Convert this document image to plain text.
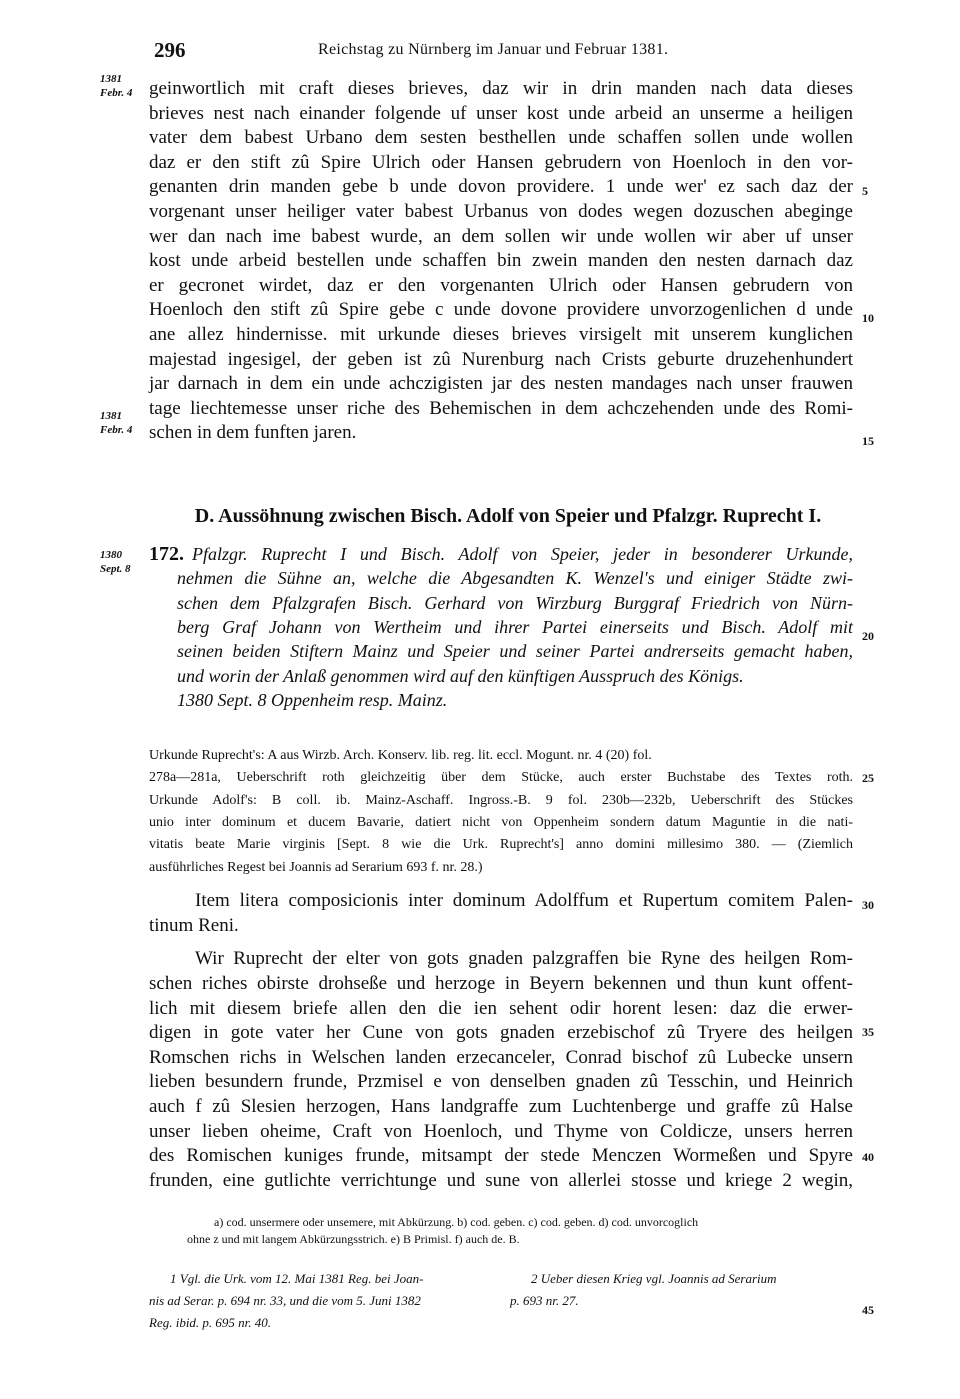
296	Reichstag zu Nürnberg im Januar und Februar 1381.
1381
Febr. 4
1381
Febr. 4
1380
Sept. 8
5
10
15
20
25
30
35
40
45
geinwortlich mit craft dieses brieves, daz wir in drin manden nach data dieses
brieves nest nach einander folgende uf unser kost unde arbeid an unserme a heiligen
vater dem babest Urbano dem sesten besthellen unde schaffen sollen unde wollen
daz er den stift zû Spire Ulrich oder Hansen gebrudern von Hoenloch in den vor-
genanten drin manden gebe b unde dovon providere. 1 unde wer' ez sach daz der
vorgenant unser heiliger vater babest Urbanus von dodes wegen dozuschen abeginge
wer dan nach ime babest wurde, an dem sollen wir unde wollen wir aber uf unser
kost unde arbeid bestellen unde schaffen bin zwein manden den nesten darnach daz
er gecronet wirdet, daz er den vorgenanten Ulrich oder Hansen gebrudern von
Hoenloch den stift zû Spire gebe c unde dovone providere unvorzogenlichen d unde
ane allez hindernisse. mit urkunde dieses brieves virsigelt mit unserem kunglichen
majestad ingesigel, der geben ist zû Nurenburg nach Crists geburte druzehenhundert
jar darnach in dem ein unde achczigisten jar des nesten mandages nach unser frauwen
tage liechtemesse unser riche des Behemischen in dem achczehenden unde des Romi-
schen in dem funften jaren.
D. Aussöhnung zwischen Bisch. Adolf von Speier und Pfalzgr. Ruprecht I.
172. Pfalzgr. Ruprecht I und Bisch. Adolf von Speier, jeder in besonderer Urkunde,
nehmen die Sühne an, welche die Abgesandten K. Wenzel's und einiger Städte zwi-
schen dem Pfalzgrafen Bisch. Gerhard von Wirzburg Burggraf Friedrich von Nürn-
berg Graf Johann von Wertheim und ihrer Partei einerseits und Bisch. Adolf mit
seinen beiden Stiftern Mainz und Speier und seiner Partei andrerseits gemacht haben,
und worin der Anlaß genommen wird auf den künftigen Ausspruch des Königs.
1380 Sept. 8 Oppenheim resp. Mainz.
Urkunde Ruprecht's: A aus Wirzb. Arch. Konserv. lib. reg. lit. eccl. Mogunt. nr. 4 (20) fol.
278a—281a, Ueberschrift roth gleichzeitig über dem Stücke, auch erster Buchstabe des Textes roth.
Urkunde Adolf's: B coll. ib. Mainz-Aschaff. Ingross.-B. 9 fol. 230b—232b, Ueberschrift des Stückes
unio inter dominum et ducem Bavarie, datiert nicht von Oppenheim sondern datum Maguntie in die nati-
vitatis beate Marie virginis [Sept. 8 wie die Urk. Ruprecht's] anno domini millesimo 380. — (Ziemlich
ausführliches Regest bei Joannis ad Serarium 693 f. nr. 28.)
Item litera composicionis inter dominum Adolffum et Rupertum comitem Palen-
tinum Reni.
Wir Ruprecht der elter von gots gnaden palzgraffen bie Ryne des heilgen Rom-
schen riches obirste drohseße und herzoge in Beyern bekennen und thun kunt offent-
lich mit diesem briefe allen den die ien sehent odir horent lesen: daz die erwer-
digen in gote vater her Cune von gots gnaden erzebischof zû Tryere des heilgen
Romschen richs in Welschen landen erzecanceler, Conrad bischof zû Lubecke unsern
lieben besundern frunde, Przmisel e von denselben gnaden zû Tesschin, und Heinrich
auch f zû Slesien herzogen, Hans landgraffe zum Luchtenberge und graffe zû Halse
unser lieben oheime, Craft von Hoenloch, und Thyme von Coldicze, unsers herren
des Romischen kuniges frunde, mitsampt der stede Menczen Wormeßen und Spyre
frunden, eine gutlichte verrichtunge und sune von allerlei stosse und kriege 2 wegin,
a) cod. unsermere oder unsemere, mit Abkürzung. b) cod. geben. c) cod. geben. d) cod. unvorcoglich
ohne z und mit langem Abkürzungsstrich. e) B Primisl. f) auch de. B.
1 Vgl. die Urk. vom 12. Mai 1381 Reg. bei Joan-
nis ad Serar. p. 694 nr. 33, und die vom 5. Juni 1382
Reg. ibid. p. 695 nr. 40.
2 Ueber diesen Krieg vgl. Joannis ad Serarium
p. 693 nr. 27.
